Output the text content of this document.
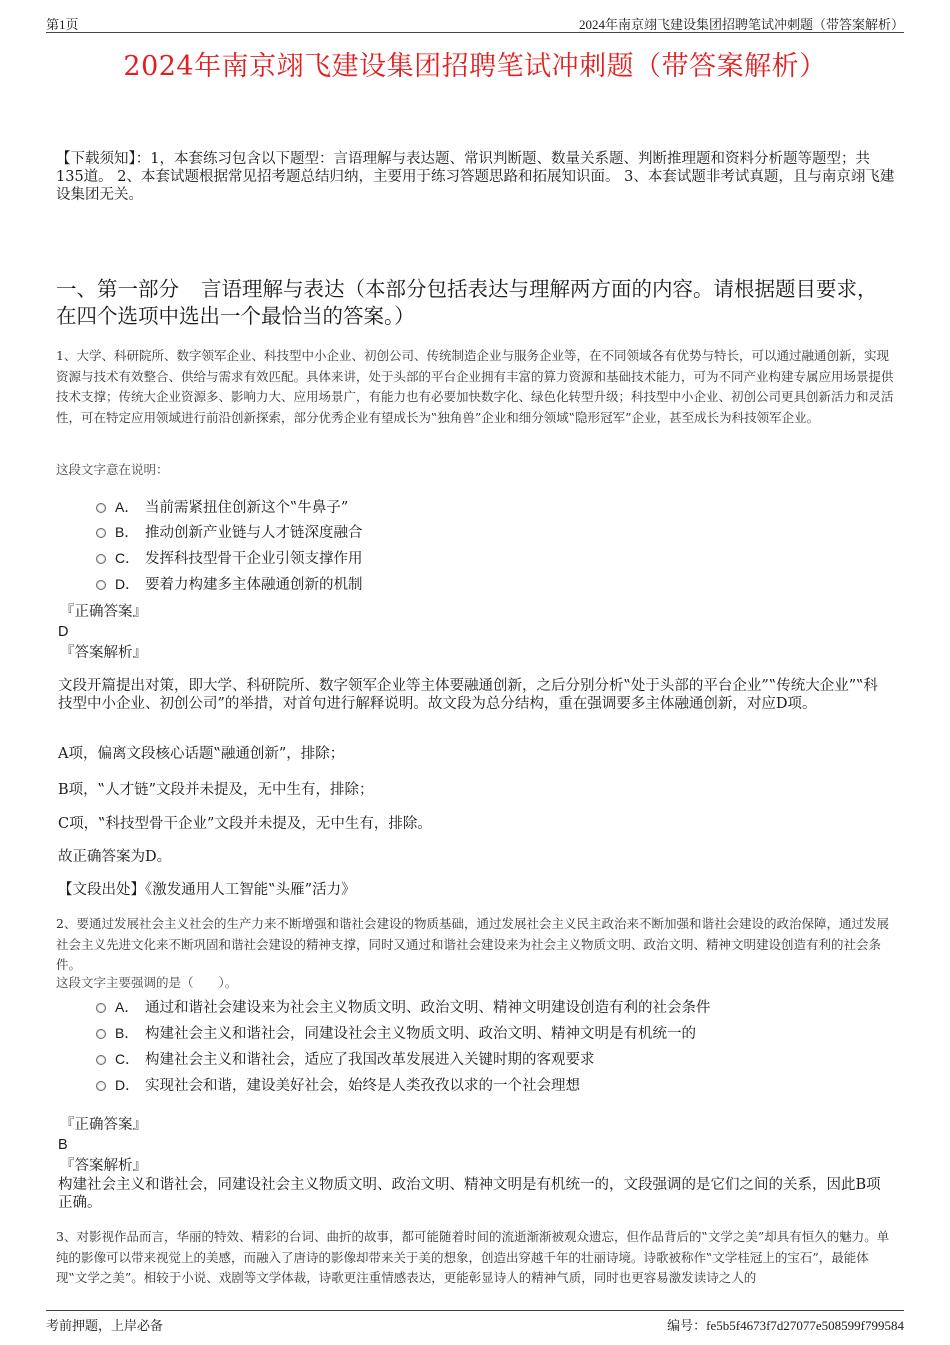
第1页	2024年南京翊飞建设集团招聘笔试冲刺题（带答案解析）
2024年南京翊飞建设集团招聘笔试冲刺题（带答案解析）

【下载须知】：1，本套练习包含以下题型：言语理解与表达题、常识判断题、数量关系题、判断推理题和资料分析题等题型；共135道。 2、本套试题根据常见招考题总结归纳，主要用于练习答题思路和拓展知识面。 3、本套试题非考试真题，且与南京翊飞建设集团无关。

一、第一部分 言语理解与表达（本部分包括表达与理解两方面的内容。请根据题目要求，在四个选项中选出一个最恰当的答案。）

1、大学、科研院所、数字领军企业、科技型中小企业、初创公司、传统制造企业与服务企业等，在不同领域各有优势与特长，可以通过融通创新，实现资源与技术有效整合、供给与需求有效匹配。具体来讲，处于头部的平台企业拥有丰富的算力资源和基础技术能力，可为不同产业构建专属应用场景提供技术支撑；传统大企业资源多、影响力大、应用场景广，有能力也有必要加快数字化、绿色化转型升级；科技型中小企业、初创公司更具创新活力和灵活性，可在特定应用领域进行前沿创新探索，部分优秀企业有望成长为‟独角兽”企业和细分领域‟隐形冠军”企业，甚至成长为科技领军企业。

这段文字意在说明：

A． 当前需紧扭住创新这个‟牛鼻子”
B． 推动创新产业链与人才链深度融合
C． 发挥科技型骨干企业引领支撑作用
D． 要着力构建多主体融通创新的机制
『正确答案』
D
『答案解析』

文段开篇提出对策，即大学、科研院所、数字领军企业等主体要融通创新，之后分别分析‟处于头部的平台企业”‟传统大企业”‟科技型中小企业、初创公司”的举措，对首句进行解释说明。故文段为总分结构，重在强调要多主体融通创新，对应D项。

A项，偏离文段核心话题‟融通创新”，排除；

B项，‟人才链”文段并未提及，无中生有，排除；

C项，‟科技型骨干企业”文段并未提及，无中生有，排除。

故正确答案为D。

【文段出处】《激发通用人工智能‟头雁”活力》

2、要通过发展社会主义社会的生产力来不断增强和谐社会建设的物质基础，通过发展社会主义民主政治来不断加强和谐社会建设的政治保障，通过发展社会主义先进文化来不断巩固和谐社会建设的精神支撑，同时又通过和谐社会建设来为社会主义物质文明、政治文明、精神文明建设创造有利的社会条件。

这段文字主要强调的是（　　）。

A． 通过和谐社会建设来为社会主义物质文明、政治文明、精神文明建设创造有利的社会条件
B． 构建社会主义和谐社会，同建设社会主义物质文明、政治文明、精神文明是有机统一的
C． 构建社会主义和谐社会，适应了我国改革发展进入关键时期的客观要求
D． 实现社会和谐，建设美好社会，始终是人类孜孜以求的一个社会理想
『正确答案』
B
『答案解析』

构建社会主义和谐社会，同建设社会主义物质文明、政治文明、精神文明是有机统一的，文段强调的是它们之间的关系，因此B项正确。

3、对影视作品而言，华丽的特效、精彩的台词、曲折的故事，都可能随着时间的流逝渐渐被观众遗忘，但作品背后的‟文学之美”却具有恒久的魅力。单纯的影像可以带来视觉上的美感，而融入了唐诗的影像却带来关于美的想象，创造出穿越千年的壮丽诗境。诗歌被称作‟文学桂冠上的宝石”，最能体现‟文学之美”。相较于小说、戏剧等文学体裁，诗歌更注重情感表达，更能彰显诗人的精神气质，同时也更容易激发读诗之人的

考前押题，上岸必备	编号：fe5b5f4673f7d27077e508599f799584
